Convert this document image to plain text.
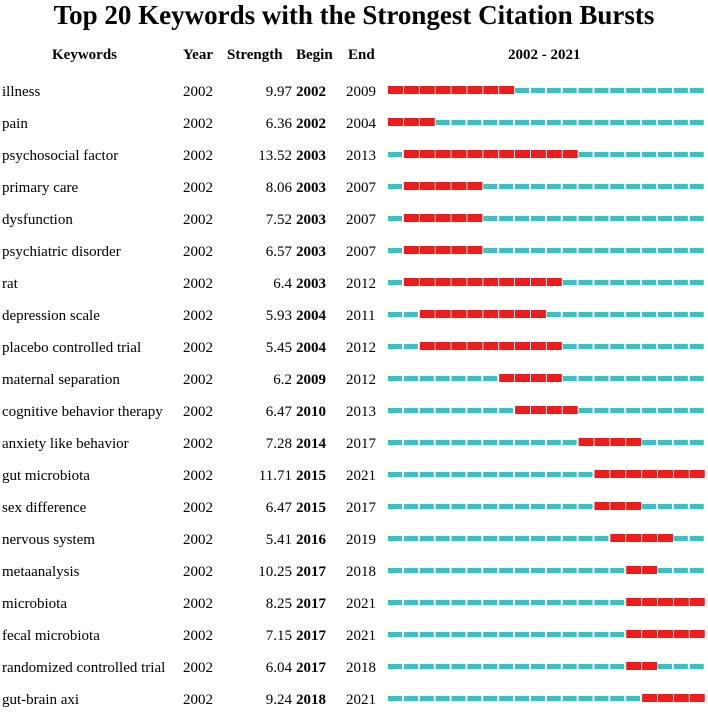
Top 20 Keywords with the Strongest Citation Bursts
Keywords	Year Strength Begin End	2002 - 2021
illness	2002	9.97 2002 2009
pain	2002	6.36 2002 2004
psychosocial factor	2002	13.52 2003 2013
primary care	2002	8.06 2003 2007
dysfunction	2002	7.52 2003 2007
psychiatric disorder	2002	6.57 2003 2007
rat	2002	6.4 2003 2012
depression scale	2002	5.93 2004 2011
placebo controlled trial	2002	5.45 2004 2012
maternal separation	2002	6.2 2009 2012
cognitive behavior therapy 2002	6.47 2010 2013
anxiety like behavior	2002	7.28 2014 2017
gut microbiota	2002	11.71 2015 2021
sex difference	2002	6.47 2015 2017
nervous system	2002	5.41 2016 2019
metaanalysis	2002	10.25 2017 2018
microbiota	2002	8.25 2017 2021
fecal microbiota	2002	7.15 2017 2021
randomized controlled trial 2002	6.04 2017 2018
gut-brain axi	2002	9.24 2018 2021
